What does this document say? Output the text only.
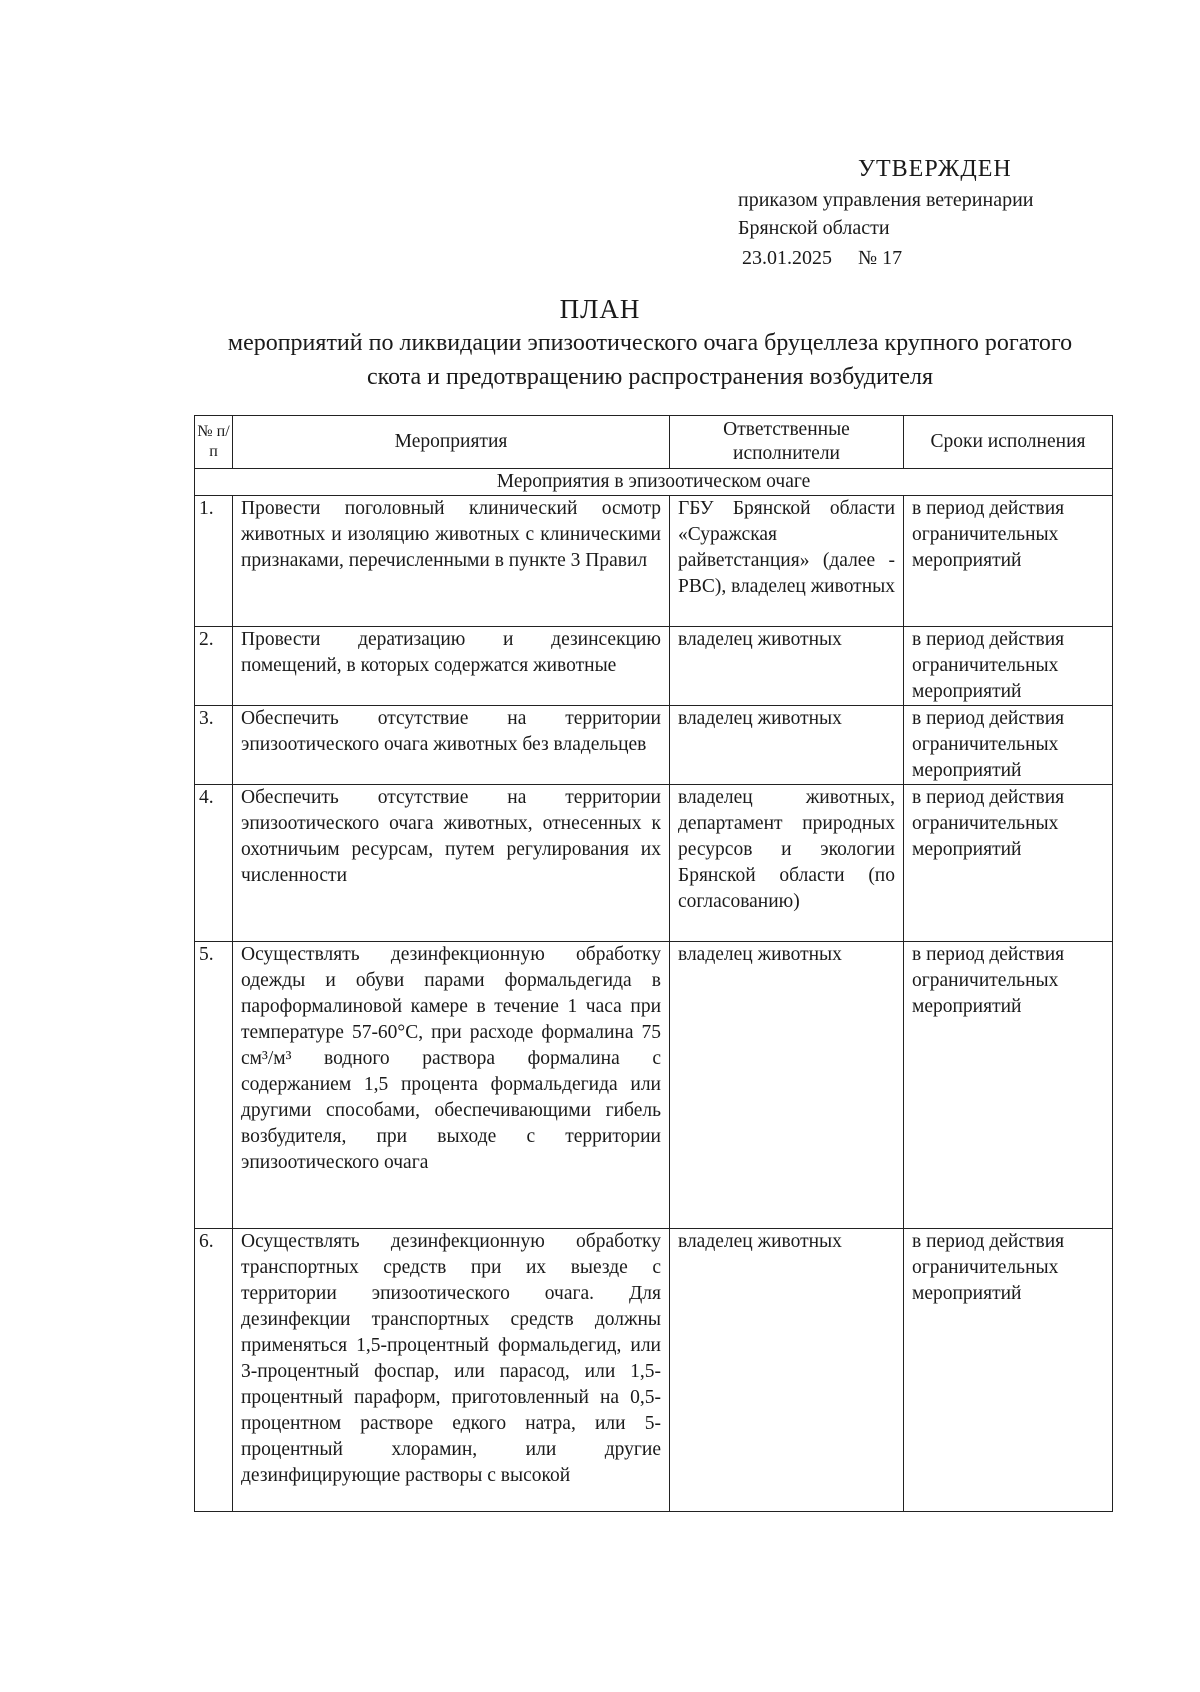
УТВЕРЖДЕН
приказом управления ветеринарии
Брянской области
23.01.2025 № 17
ПЛАН
мероприятий по ликвидации эпизоотического очага бруцеллеза крупного рогатого скота и предотвращению распространения возбудителя
№ п/п	Мероприятия	Ответственные исполнители	Сроки исполнения
Мероприятия в эпизоотическом очаге			
1.	Провести поголовный клинический осмотр животных и изоляцию животных с клиническими признаками, перечисленными в пункте 3 Правил	ГБУ Брянской области «Суражская райветстанция» (далее - РВС), владелец животных	в период действия ограничительных мероприятий
2.	Провести дератизацию и дезинсекцию помещений, в которых содержатся животные	владелец животных	в период действия ограничительных мероприятий
3.	Обеспечить отсутствие на территории эпизоотического очага животных без владельцев	владелец животных	в период действия ограничительных мероприятий
4.	Обеспечить отсутствие на территории эпизоотического очага животных, отнесенных к охотничьим ресурсам, путем регулирования их численности	владелец животных, департамент природных ресурсов и экологии Брянской области (по согласованию)	в период действия ограничительных мероприятий
5.	Осуществлять дезинфекционную обработку одежды и обуви парами формальдегида в пароформалиновой камере в течение 1 часа при температуре 57-60°С, при расходе формалина 75 см³/м³ водного раствора формалина с содержанием 1,5 процента формальдегида или другими способами, обеспечивающими гибель возбудителя, при выходе с территории эпизоотического очага	владелец животных	в период действия ограничительных мероприятий
6.	Осуществлять дезинфекционную обработку транспортных средств при их выезде с территории эпизоотического очага. Для дезинфекции транспортных средств должны применяться 1,5-процентный формальдегид, или 3-процентный фоспар, или парасод, или 1,5-процентный параформ, приготовленный на 0,5-процентном растворе едкого натра, или 5-процентный хлорамин, или другие дезинфицирующие растворы с высокой	владелец животных	в период действия ограничительных мероприятий
